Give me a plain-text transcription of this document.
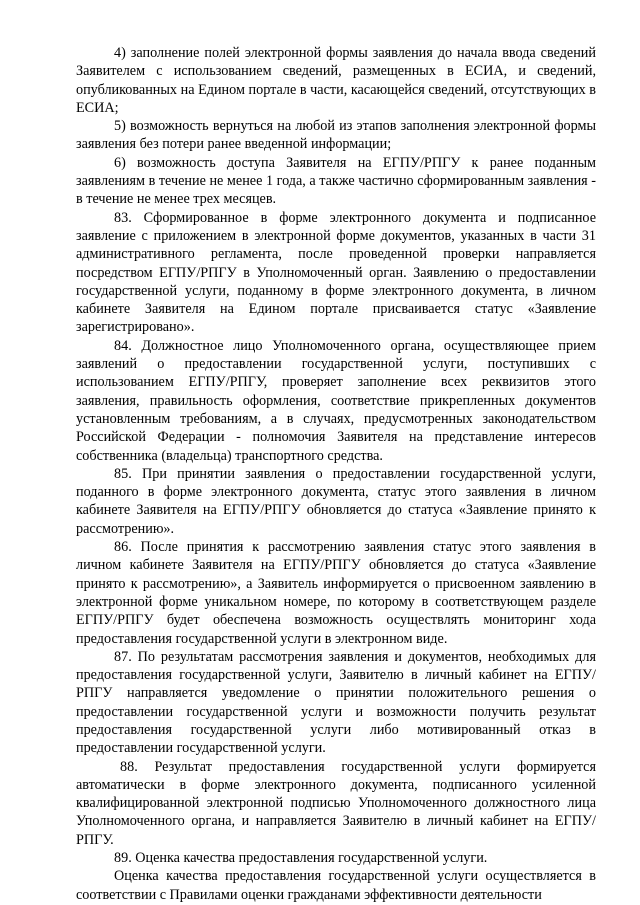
4) заполнение полей электронной формы заявления до начала ввода сведений Заявителем с использованием сведений, размещенных в ЕСИА, и сведений, опубликованных на Едином портале в части, касающейся сведений, отсутствующих в ЕСИА;

5) возможность вернуться на любой из этапов заполнения электронной формы заявления без потери ранее введенной информации;

6) возможность доступа Заявителя на ЕГПУ/РПГУ к ранее поданным заявлениям в течение не менее 1 года, а также частично сформированным заявления - в течение не менее трех месяцев.

83. Сформированное в форме электронного документа и подписанное заявление с приложением в электронной форме документов, указанных в части 31 административного регламента, после проведенной проверки направляется посредством ЕГПУ/РПГУ в Уполномоченный орган. Заявлению о предоставлении государственной услуги, поданному в форме электронного документа, в личном кабинете Заявителя на Едином портале присваивается статус «Заявление зарегистрировано».

84. Должностное лицо Уполномоченного органа, осуществляющее прием заявлений о предоставлении государственной услуги, поступивших с использованием ЕГПУ/РПГУ, проверяет заполнение всех реквизитов этого заявления, правильность оформления, соответствие прикрепленных документов установленным требованиям, а в случаях, предусмотренных законодательством Российской Федерации - полномочия Заявителя на представление интересов собственника (владельца) транспортного средства.

85. При принятии заявления о предоставлении государственной услуги, поданного в форме электронного документа, статус этого заявления в личном кабинете Заявителя на ЕГПУ/РПГУ обновляется до статуса «Заявление принято к рассмотрению».

86. После принятия к рассмотрению заявления статус этого заявления в личном кабинете Заявителя на ЕГПУ/РПГУ обновляется до статуса «Заявление принято к рассмотрению», а Заявитель информируется о присвоенном заявлению в электронной форме уникальном номере, по которому в соответствующем разделе ЕГПУ/РПГУ будет обеспечена возможность осуществлять мониторинг хода предоставления государственной услуги в электронном виде.

87. По результатам рассмотрения заявления и документов, необходимых для предоставления государственной услуги, Заявителю в личный кабинет на ЕГПУ/РПГУ направляется уведомление о принятии положительного решения о предоставлении государственной услуги и возможности получить результат предоставления государственной услуги либо мотивированный отказ в предоставлении государственной услуги.

88. Результат предоставления государственной услуги формируется автоматически в форме электронного документа, подписанного усиленной квалифицированной электронной подписью Уполномоченного должностного лица Уполномоченного органа, и направляется Заявителю в личный кабинет на ЕГПУ/РПГУ.

89. Оценка качества предоставления государственной услуги.

Оценка качества предоставления государственной услуги осуществляется в соответствии с Правилами оценки гражданами эффективности деятельности
